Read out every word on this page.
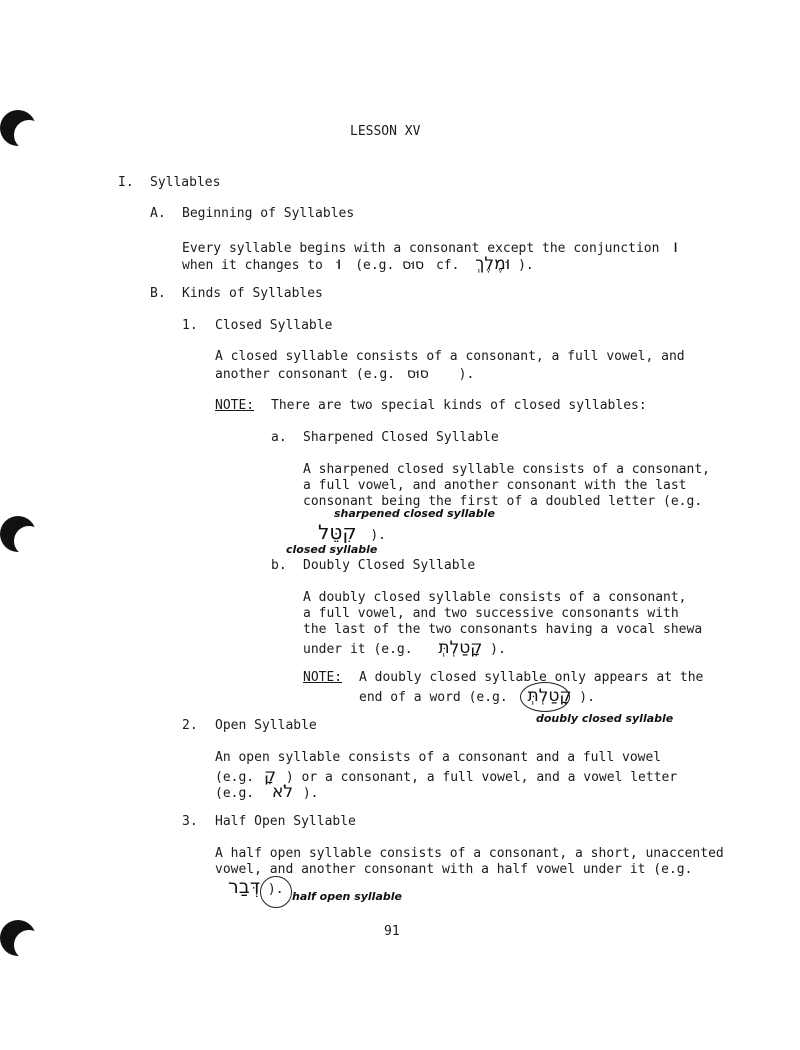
LESSON XV
I. Syllables
A. Beginning of Syllables
Every syllable begins with a consonant except the conjunction ו
when it changes to וּ (e.g. סוּס cf. וּמֶלֶךְ ).
B. Kinds of Syllables
1. Closed Syllable
A closed syllable consists of a consonant, a full vowel, and
another consonant (e.g. סוּס ).
NOTE: There are two special kinds of closed syllables:
a. Sharpened Closed Syllable
A sharpened closed syllable consists of a consonant,
a full vowel, and another consonant with the last
consonant being the first of a doubled letter (e.g.
sharpened closed syllable
קִטֵּל ).
closed syllable
b. Doubly Closed Syllable
A doubly closed syllable consists of a consonant,
a full vowel, and two successive consonants with
the last of the two consonants having a vocal shewa
under it (e.g. קָטַלְתְּ ).
NOTE: A doubly closed syllable only appears at the
end of a word (e.g. קָטַלְתְּ ).
doubly closed syllable
2. Open Syllable
An open syllable consists of a consonant and a full vowel
(e.g. קָ ) or a consonant, a full vowel, and a vowel letter
(e.g. לֹא ).
3. Half Open Syllable
A half open syllable consists of a consonant, a short, unaccented
vowel, and another consonant with a half vowel under it (e.g.
דְּבַר ). half open syllable
91
